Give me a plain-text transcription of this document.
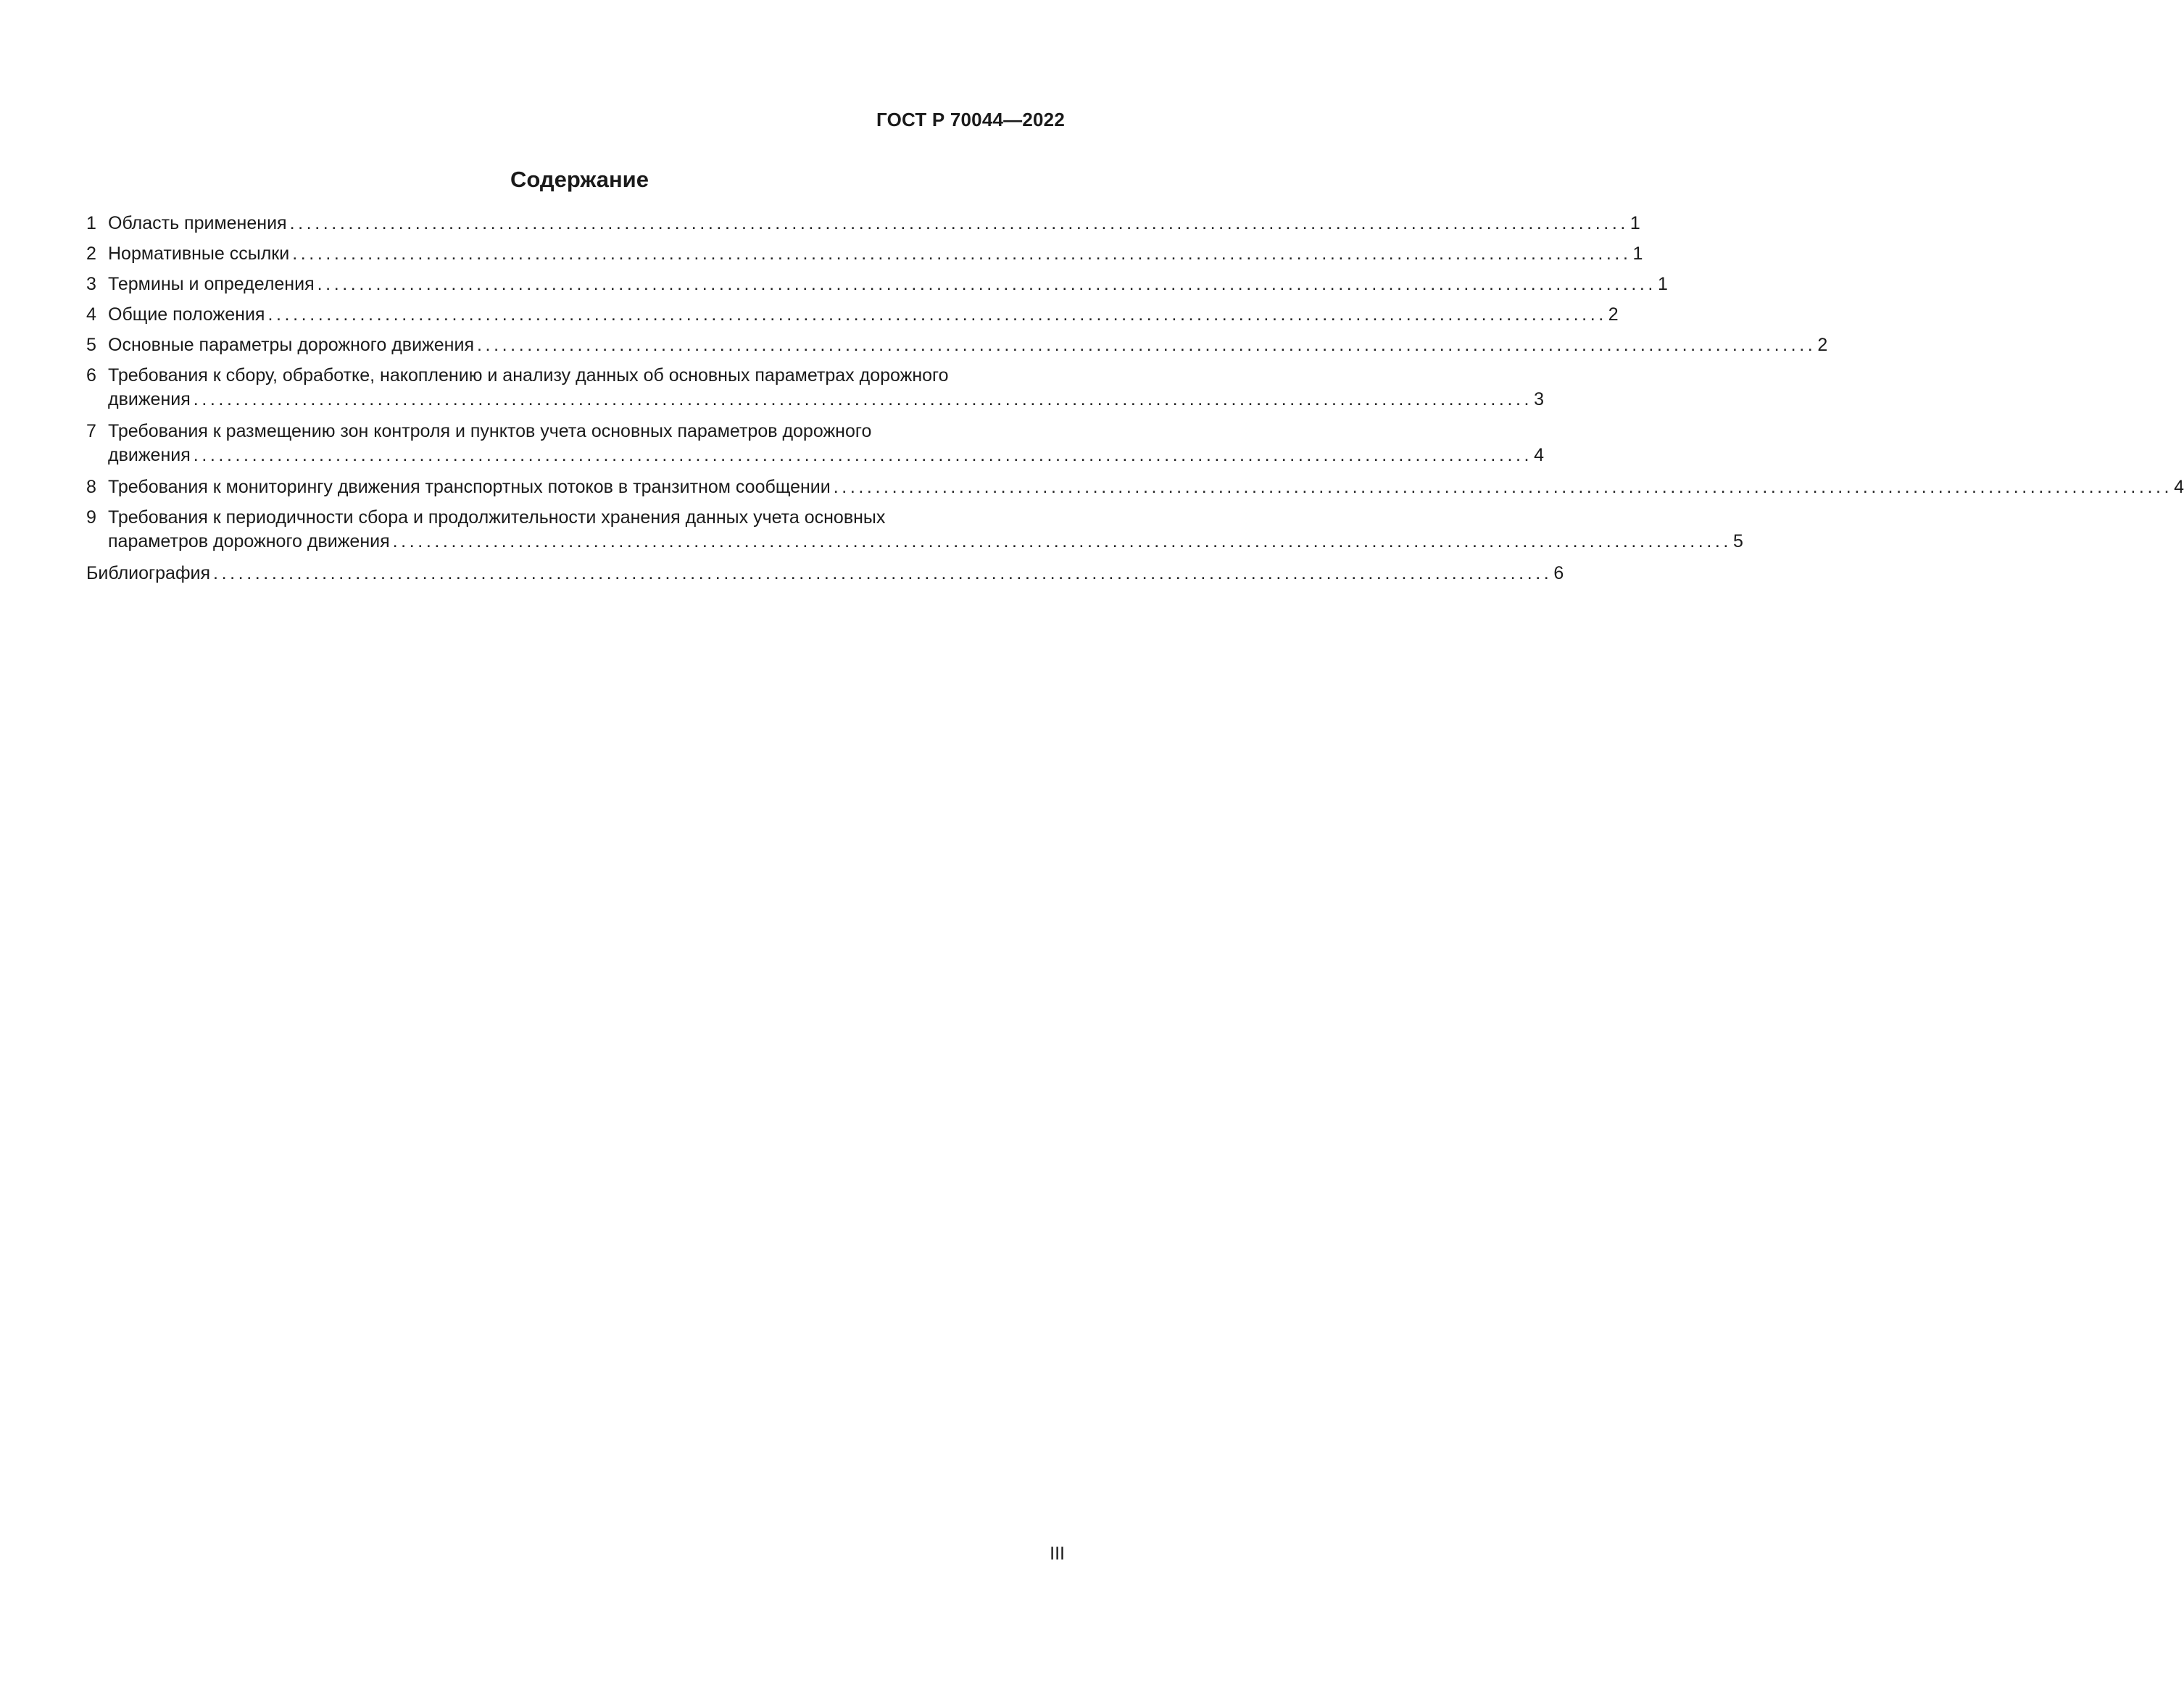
ГОСТ Р 70044—2022
Содержание
1 Область применения ................................................................................................................................................................ 1
2 Нормативные ссылки ................................................................................................................................................................ 1
3 Термины и определения ................................................................................................................................................................ 1
4 Общие положения ................................................................................................................................................................ 2
5 Основные параметры дорожного движения ................................................................................................................................................................ 2
6 Требования к сбору, обработке, накоплению и анализу данных об основных параметрах дорожного
движения ................................................................................................................................................................ 3
7 Требования к размещению зон контроля и пунктов учета основных параметров дорожного
движения ................................................................................................................................................................ 4
8 Требования к мониторингу движения транспортных потоков в транзитном сообщении ................................................................................................................................................................ 4
9 Требования к периодичности сбора и продолжительности хранения данных учета основных
параметров дорожного движения ................................................................................................................................................................ 5
Библиография ................................................................................................................................................................ 6
III
